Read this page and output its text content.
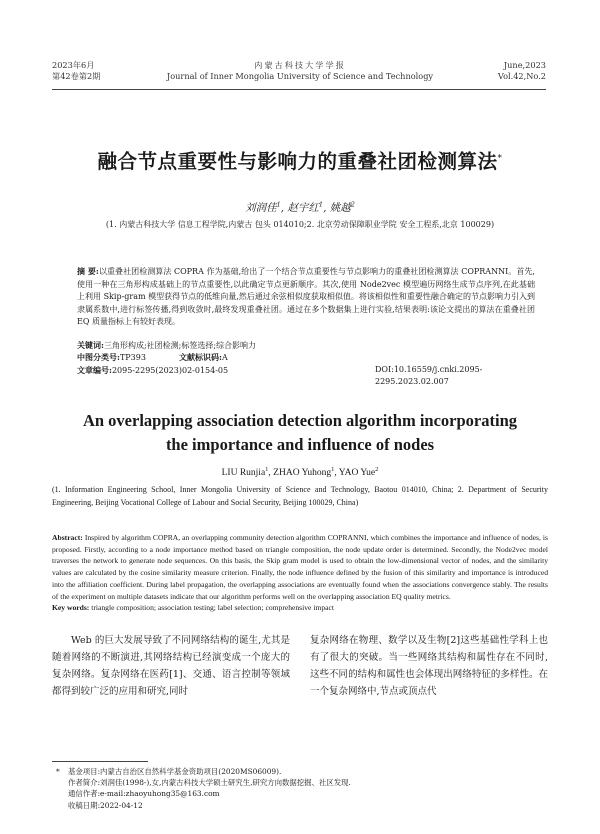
2023年6月
第42卷第2期
内蒙古科技大学学报
Journal of Inner Mongolia University of Science and Technology
June,2023
Vol.42,No.2
融合节点重要性与影响力的重叠社团检测算法*
刘润佳$^1$, 赵宇红$^1$, 姚越$^2$
(1. 内蒙古科技大学 信息工程学院,内蒙古 包头 014010;2. 北京劳动保障职业学院 安全工程系,北京 100029)
摘 要:以重叠社团检测算法 COPRA 作为基础,给出了一个结合节点重要性与节点影响力的重叠社团检测算法 COPRANNI。首先,使用一种在三角形构成基础上的节点重要性,以此确定节点更新顺序。其次,使用 Node2vec 模型遍历网络生成节点序列,在此基础上利用 Skip-gram 模型获得节点的低维向量,然后通过余弦相似度获取相似值。将该相似性和重要性融合确定的节点影响力引入到隶属系数中,进行标签传播,得到收敛时,最终发现重叠社团。通过在多个数据集上进行实验,结果表明:该论文提出的算法在重叠社团 EQ 质量指标上有较好表现。
关键词:三角形构成;社团检测;标签选择;综合影响力
中图分类号:TP393	文献标识码:A
文章编号:2095-2295(2023)02-0154-05	DOI:10.16559/j.cnki.2095-2295.2023.02.007
An overlapping association detection algorithm incorporating
the importance and influence of nodes
LIU Runjia$^1$, ZHAO Yuhong$^1$, YAO Yue$^2$
(1. Information Engineering School, Inner Mongolia University of Science and Technology, Baotou 014010, China; 2. Department of Security Engineering, Beijing Vocational College of Labour and Social Security, Beijing 100029, China)
Abstract: Inspired by algorithm COPRA, an overlapping community detection algorithm COPRANNI, which combines the importance and influence of nodes, is proposed. Firstly, according to a node importance method based on triangle composition, the node update order is determined. Secondly, the Node2vec model traverses the network to generate node sequences. On this basis, the Skip gram model is used to obtain the low-dimensional vector of nodes, and the similarity values are calculated by the cosine similarity measure criterion. Finally, the node influence defined by the fusion of this similarity and importance is introduced into the affiliation coefficient. During label propagation, the overlapping associations are eventually found when the associations convergence stably. The results of the experiment on multiple datasets indicate that our algorithm performs well on the overlapping association EQ quality metrics.
Key words: triangle composition; association testing; label selection; comprehensive impact
Web 的巨大发展导致了不同网络结构的诞生,尤其是随着网络的不断演进,其网络结构已经演变成一个庞大的复杂网络。复杂网络在医药[1]、交通、语言控制等领域都得到较广泛的应用和研究,同时
复杂网络在物理、数学以及生物[2]这些基础性学科上也有了很大的突破。当一些网络其结构和属性存在不同时,这些不同的结构和属性也会体现出网络特征的多样性。在一个复杂网络中,节点或顶点代
* 基金项目:内蒙古自治区自然科学基金资助项目(2020MS06009).
作者简介:刘润佳(1998-),女,内蒙古科技大学硕士研究生,研究方向数据挖掘、社区发现.
通信作者:e-mail:zhaoyuhong35@163.com
收稿日期:2022-04-12
